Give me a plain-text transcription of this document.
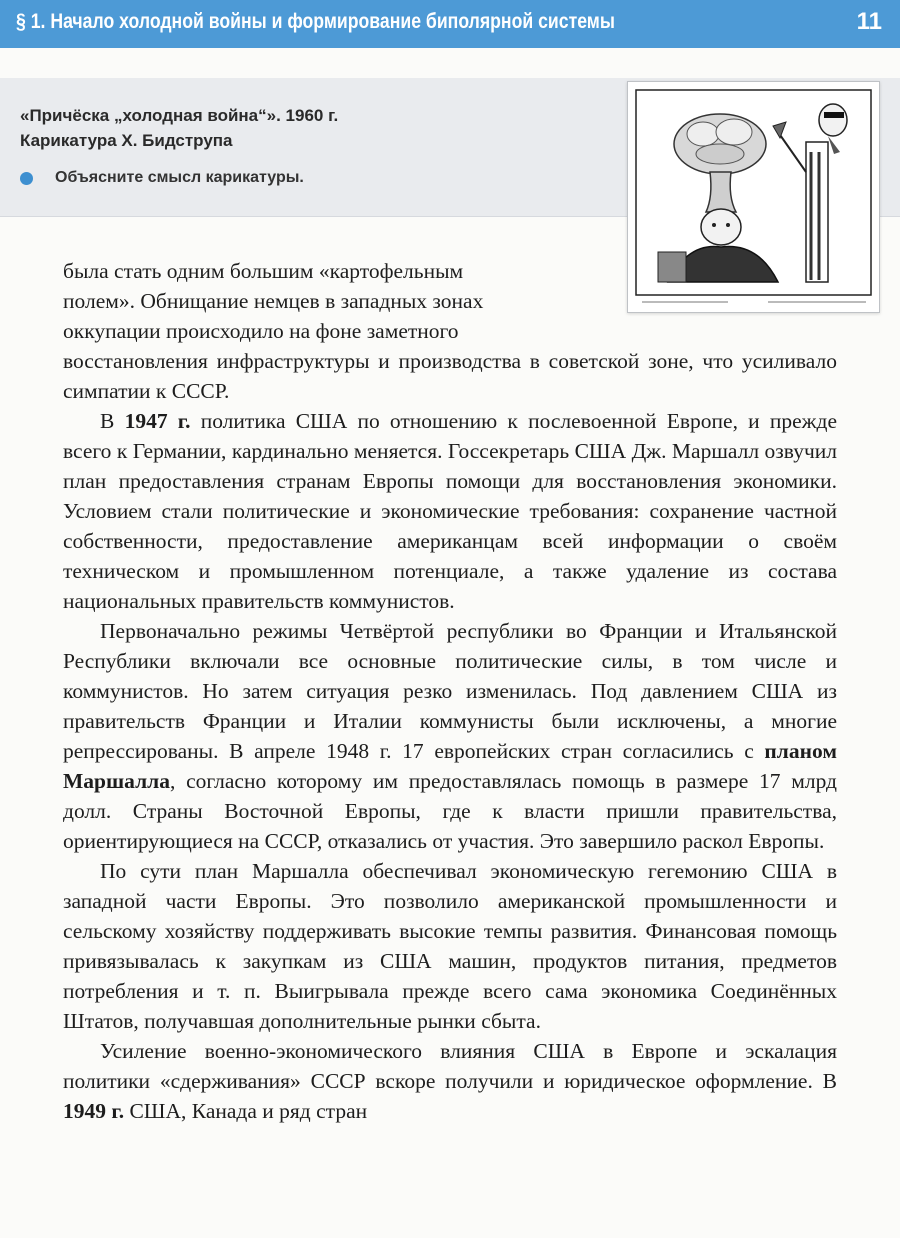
§ 1. Начало холодной войны и формирование биполярной системы	11
«Причёска „холодная война“». 1960 г.
Карикатура Х. Бидструпа
Объясните смысл карикатуры.

была стать одним большим «картофельным

полем». Обнищание немцев в западных зонах

оккупации происходило на фоне заметного

восстановления инфраструктуры и производства в советской зоне, что усиливало симпатии к СССР.

В 1947 г. политика США по отношению к послевоенной Европе, и прежде всего к Германии, кардинально меняется. Госсекретарь США Дж. Маршалл озвучил план предоставления странам Европы помощи для восстановления экономики. Условием стали политические и экономические требования: сохранение частной собственности, предоставление американцам всей информации о своём техническом и промышленном потенциале, а также удаление из состава национальных правительств коммунистов.

Первоначально режимы Четвёртой республики во Франции и Итальянской Республики включали все основные политические силы, в том числе и коммунистов. Но затем ситуация резко изменилась. Под давлением США из правительств Франции и Италии коммунисты были исключены, а многие репрессированы. В апреле 1948 г. 17 европейских стран согласились с планом Маршалла, согласно которому им предоставлялась помощь в размере 17 млрд долл. Страны Восточной Европы, где к власти пришли правительства, ориентирующиеся на СССР, отказались от участия. Это завершило раскол Европы.

По сути план Маршалла обеспечивал экономическую гегемонию США в западной части Европы. Это позволило американской промышленности и сельскому хозяйству поддерживать высокие темпы развития. Финансовая помощь привязывалась к закупкам из США машин, продуктов питания, предметов потребления и т. п. Выигрывала прежде всего сама экономика Соединённых Штатов, получавшая дополнительные рынки сбыта.

Усиление военно-экономического влияния США в Европе и эскалация политики «сдерживания» СССР вскоре получили и юридическое оформление. В 1949 г. США, Канада и ряд стран
